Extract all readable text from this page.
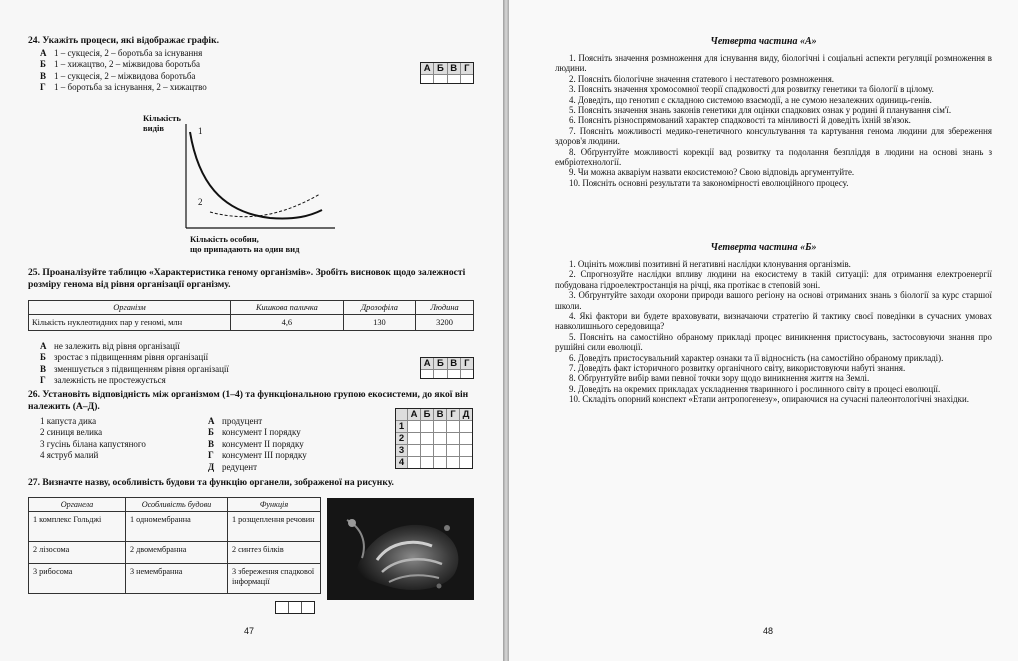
24. Укажіть процеси, які відображає графік.
А 1 – сукцесія, 2 – боротьба за існування
Б 1 – хижацтво, 2 – міжвидова боротьба
В 1 – сукцесія, 2 – міжвидова боротьба
Г 1 – боротьба за існування, 2 – хижацтво
А Б В Г
Кількість
видів	1
2
Кількість особин,
що припадають на один вид
25. Проаналізуйте таблицю «Характеристика геному організмів». Зробіть висновок щодо залежності розміру генома від рівня організації організму.
Організм	Кишкова паличка	Дрозофіла	Людина
Кількість нуклеотидних пар у геномі, млн	4,6	130	3200
А не залежить від рівня організації
Б зростає з підвищенням рівня організації
В зменшується з підвищенням рівня організації
Г залежність не простежується
А Б В Г
26. Установіть відповідність між організмом (1–4) та функціональною групою екосистеми, до якої він належить (А–Д).
1 капуста дика
2 синиця велика
3 гусінь білана капустяного
4 яструб малий
А продуцент
Б консумент I порядку
В консумент II порядку
Г консумент III порядку
Д редуцент
А Б В Г Д
1
2
3
4
27. Визначте назву, особливість будови та функцію органели, зображеної на рисунку.
Органела	Особливість будови	Функція
1 комплекс Гольджі	1 одномембранна	1 розщеплення речовин
2 лізосома	2 двомембранна	2 синтез білків
3 рибосома	3 немембранна	3 збереження спадкової інформації
47
Четверта частина «А»

1. Поясніть значення розмноження для існування виду, біологічні і соціальні аспекти регуляції розмноження в людини.

2. Поясніть біологічне значення статевого і нестатевого розмноження.

3. Поясніть значення хромосомної теорії спадковості для розвитку генетики та біології в цілому.

4. Доведіть, що генотип є складною системою взаємодії, а не сумою незалежних одиниць-генів.

5. Поясніть значення знань законів генетики для оцінки спадкових ознак у родині й планування сім'ї.

6. Поясніть різноспрямований характер спадковості та мінливості й доведіть їхній зв'язок.

7. Поясніть можливості медико-генетичного консультування та картування генома людини для збереження здоров'я людини.

8. Обґрунтуйте можливості корекції вад розвитку та подолання безпліддя в людини на основі знань з ембріотехнології.

9. Чи можна акваріум назвати екосистемою? Свою відповідь аргументуйте.

10. Поясніть основні результати та закономірності еволюційного процесу.

Четверта частина «Б»

1. Оцініть можливі позитивні й негативні наслідки клонування організмів.

2. Спрогнозуйте наслідки впливу людини на екосистему в такій ситуації: для отримання електроенергії побудована гідроелектростанція на річці, яка протікає в степовій зоні.

3. Обґрунтуйте заходи охорони природи вашого регіону на основі отриманих знань з біології за курс старшої школи.

4. Які фактори ви будете враховувати, визначаючи стратегію й тактику своєї поведінки в сучасних умовах навколишнього середовища?

5. Поясніть на самостійно обраному прикладі процес виникнення пристосувань, застосовуючи знання про рушійні сили еволюції.

6. Доведіть пристосувальний характер ознаки та її відносність (на самостійно обраному прикладі).

7. Доведіть факт історичного розвитку органічного світу, використовуючи набуті знання.

8. Обґрунтуйте вибір вами певної точки зору щодо виникнення життя на Землі.

9. Доведіть на окремих прикладах ускладнення тваринного і рослинного світу в процесі еволюції.

10. Складіть опорний конспект «Етапи антропогенезу», опираючися на сучасні палеонтологічні знахідки.

48
